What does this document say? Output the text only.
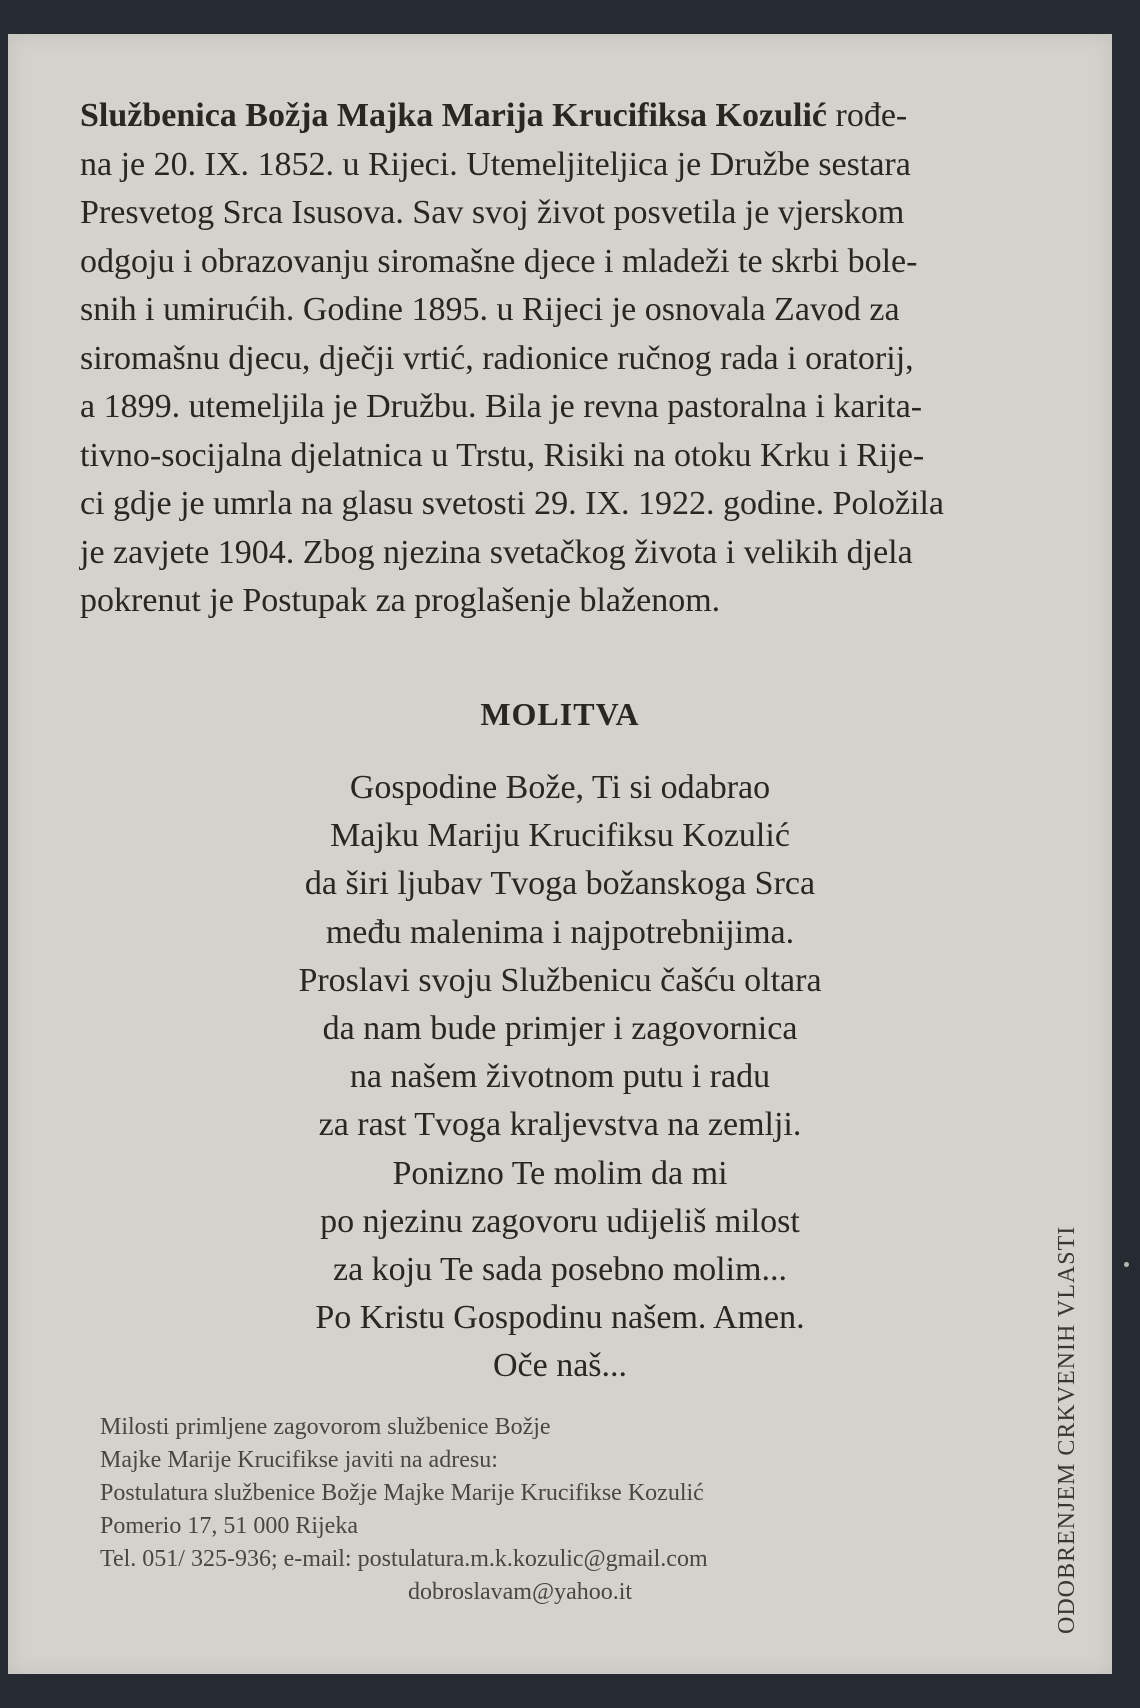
Službenica Božja Majka Marija Krucifiksa Kozulić rođe-
na je 20. IX. 1852. u Rijeci. Utemeljiteljica je Družbe sestara
Presvetog Srca Isusova. Sav svoj život posvetila je vjerskom
odgoju i obrazovanju siromašne djece i mladeži te skrbi bole-
snih i umirućih. Godine 1895. u Rijeci je osnovala Zavod za
siromašnu djecu, dječji vrtić, radionice ručnog rada i oratorij,
a 1899. utemeljila je Družbu. Bila je revna pastoralna i karita-
tivno-socijalna djelatnica u Trstu, Risiki na otoku Krku i Rije-
ci gdje je umrla na glasu svetosti 29. IX. 1922. godine. Položila
je zavjete 1904. Zbog njezina svetačkog života i velikih djela
pokrenut je Postupak za proglašenje blaženom.
MOLITVA
Gospodine Bože, Ti si odabrao
Majku Mariju Krucifiksu Kozulić
da širi ljubav Tvoga božanskoga Srca
među malenima i najpotrebnijima.
Proslavi svoju Službenicu čašću oltara
da nam bude primjer i zagovornica
na našem životnom putu i radu
za rast Tvoga kraljevstva na zemlji.
Ponizno Te molim da mi
po njezinu zagovoru udijeliš milost
za koju Te sada posebno molim...
Po Kristu Gospodinu našem. Amen.
Oče naš...
Milosti primljene zagovorom službenice Božje
Majke Marije Krucifikse javiti na adresu:
Postulatura službenice Božje Majke Marije Krucifikse Kozulić
Pomerio 17, 51 000 Rijeka
Tel. 051/ 325-936; e-mail: postulatura.m.k.kozulic@gmail.com
dobroslavam@yahoo.it	ODOBRENJEM CRKVENIH VLASTI
